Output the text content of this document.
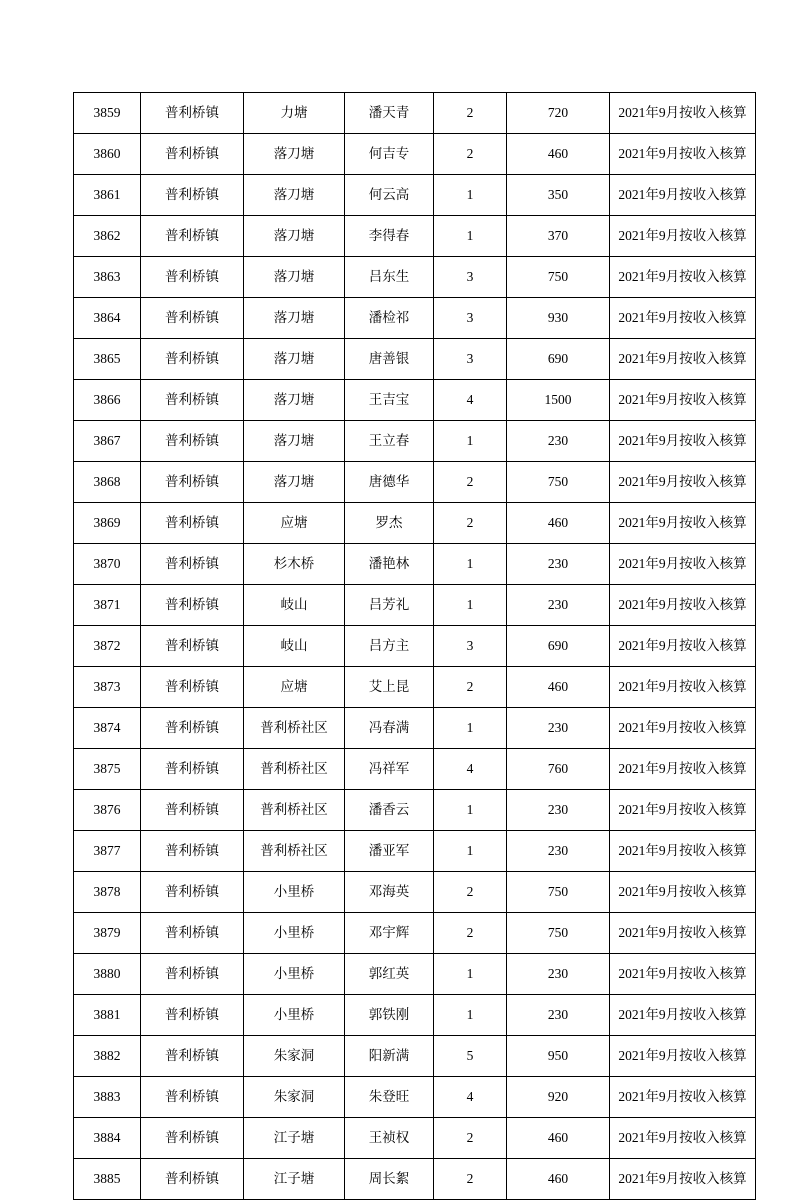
3859	普利桥镇	力塘	潘天青	2	720	2021年9月按收入核算
3860	普利桥镇	落刀塘	何吉专	2	460	2021年9月按收入核算
3861	普利桥镇	落刀塘	何云高	1	350	2021年9月按收入核算
3862	普利桥镇	落刀塘	李得春	1	370	2021年9月按收入核算
3863	普利桥镇	落刀塘	吕东生	3	750	2021年9月按收入核算
3864	普利桥镇	落刀塘	潘检祁	3	930	2021年9月按收入核算
3865	普利桥镇	落刀塘	唐善银	3	690	2021年9月按收入核算
3866	普利桥镇	落刀塘	王吉宝	4	1500	2021年9月按收入核算
3867	普利桥镇	落刀塘	王立春	1	230	2021年9月按收入核算
3868	普利桥镇	落刀塘	唐德华	2	750	2021年9月按收入核算
3869	普利桥镇	应塘	罗杰	2	460	2021年9月按收入核算
3870	普利桥镇	杉木桥	潘艳林	1	230	2021年9月按收入核算
3871	普利桥镇	岐山	吕芳礼	1	230	2021年9月按收入核算
3872	普利桥镇	岐山	吕方主	3	690	2021年9月按收入核算
3873	普利桥镇	应塘	艾上昆	2	460	2021年9月按收入核算
3874	普利桥镇	普利桥社区	冯春满	1	230	2021年9月按收入核算
3875	普利桥镇	普利桥社区	冯祥军	4	760	2021年9月按收入核算
3876	普利桥镇	普利桥社区	潘香云	1	230	2021年9月按收入核算
3877	普利桥镇	普利桥社区	潘亚军	1	230	2021年9月按收入核算
3878	普利桥镇	小里桥	邓海英	2	750	2021年9月按收入核算
3879	普利桥镇	小里桥	邓宇辉	2	750	2021年9月按收入核算
3880	普利桥镇	小里桥	郭红英	1	230	2021年9月按收入核算
3881	普利桥镇	小里桥	郭铁刚	1	230	2021年9月按收入核算
3882	普利桥镇	朱家洞	阳新满	5	950	2021年9月按收入核算
3883	普利桥镇	朱家洞	朱登旺	4	920	2021年9月按收入核算
3884	普利桥镇	江子塘	王祯权	2	460	2021年9月按收入核算
3885	普利桥镇	江子塘	周长絮	2	460	2021年9月按收入核算
